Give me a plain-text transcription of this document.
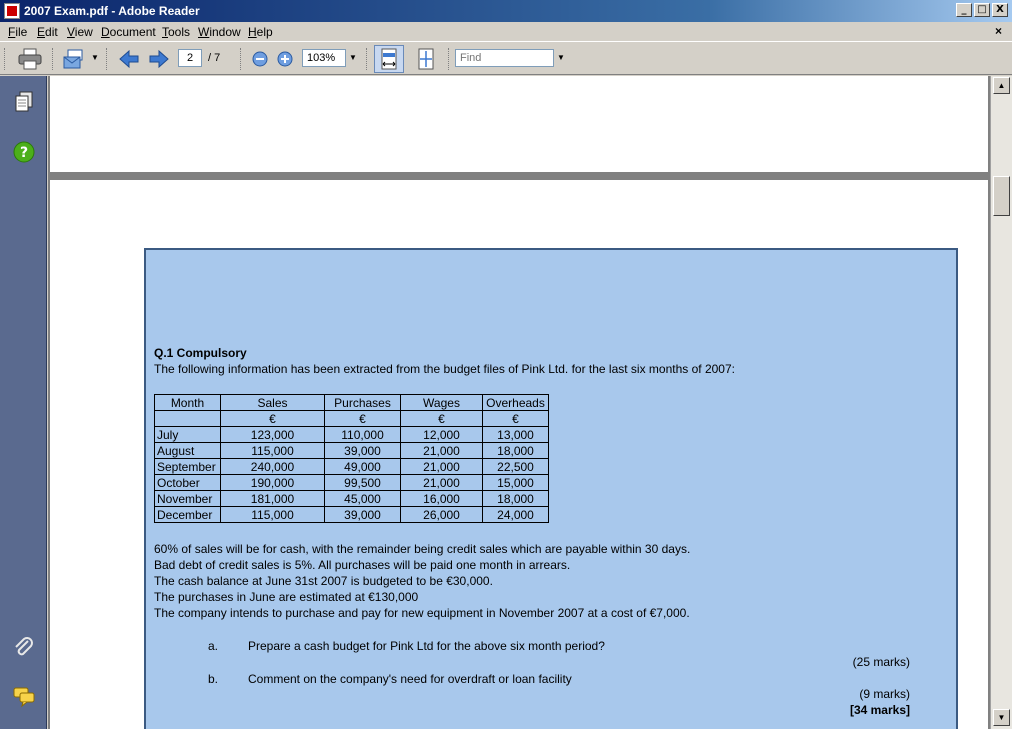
2007 Exam.pdf - Adobe Reader	_	□ X
File Edit View Document Tools Window Help	×
▼
2	/ 7
103%	▼
Find	▼
?
Q.1 Compulsory
The following information has been extracted from the budget files of Pink Ltd. for the last six months of 2007:
Month	Sales	Purchases	Wages	Overheads
	€	€	€	€
July	123,000	110,000	12,000	13,000
August	115,000	39,000	21,000	18,000
September	240,000	49,000	21,000	22,500
October	190,000	99,500	21,000	15,000
November	181,000	45,000	16,000	18,000
December	115,000	39,000	26,000	24,000
60% of sales will be for cash, with the remainder being credit sales which are payable within 30 days.
Bad debt of credit sales is 5%. All purchases will be paid one month in arrears.
The cash balance at June 31st 2007 is budgeted to be €30,000.
The purchases in June are estimated at €130,000
The company intends to purchase and pay for new equipment in November 2007 at a cost of €7,000.
a. Prepare a cash budget for Pink Ltd for the above six month period?
(25 marks)
b. Comment on the company's need for overdraft or loan facility
(9 marks)
[34 marks]
▲
▼
